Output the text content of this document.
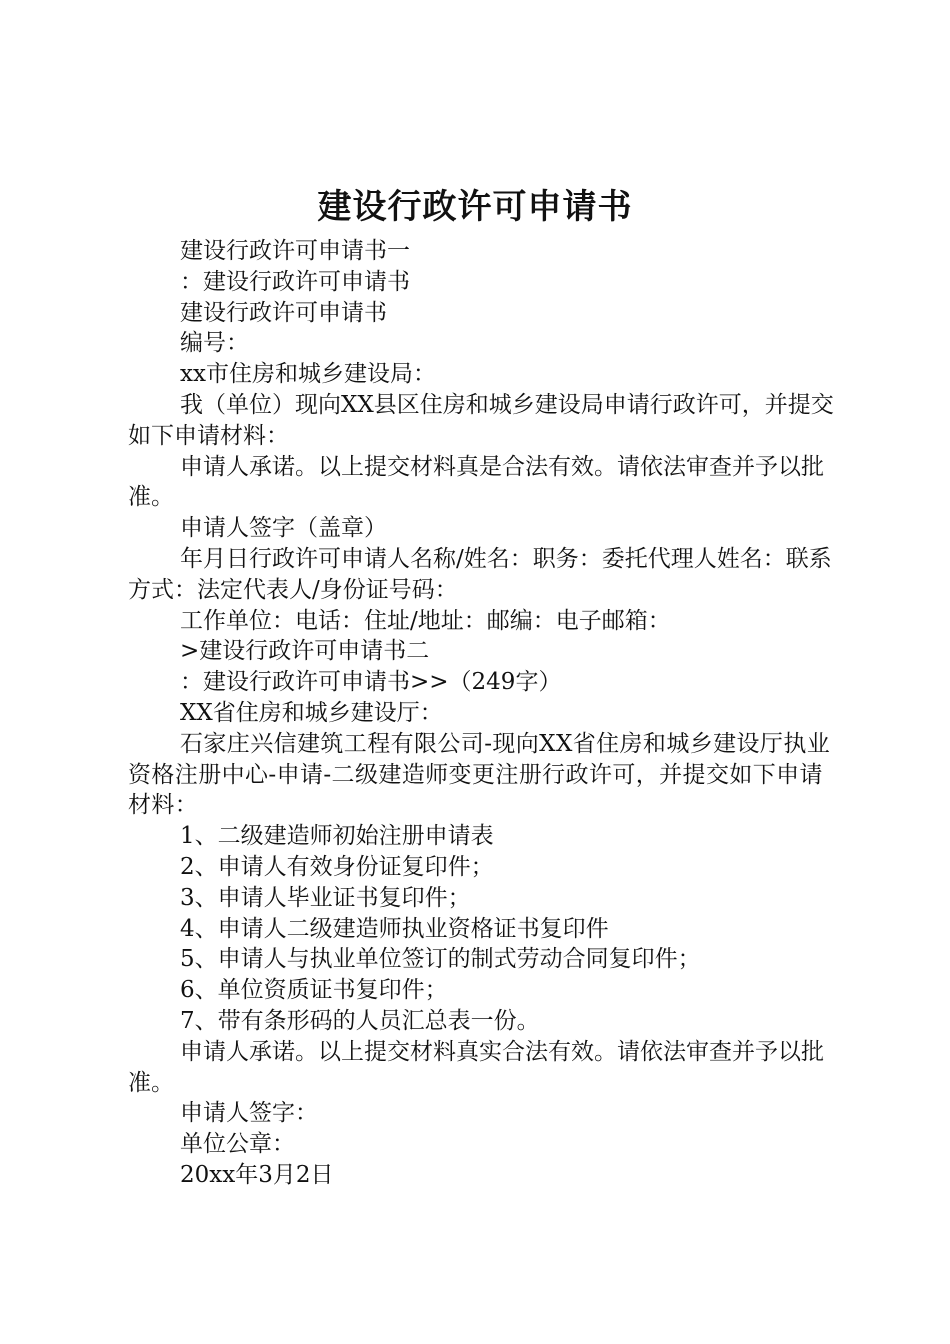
建设行政许可申请书

建设行政许可申请书一

：建设行政许可申请书

建设行政许可申请书

编号：

xx市住房和城乡建设局：

我（单位）现向XX县区住房和城乡建设局申请行政许可，并提交如下申请材料：

申请人承诺。以上提交材料真是合法有效。请依法审查并予以批准。

申请人签字（盖章）

年月日行政许可申请人名称/姓名：职务：委托代理人姓名：联系方式：法定代表人/身份证号码：

工作单位：电话：住址/地址：邮编：电子邮箱：

>建设行政许可申请书二

：建设行政许可申请书>>（249字）

XX省住房和城乡建设厅：

石家庄兴信建筑工程有限公司-现向XX省住房和城乡建设厅执业资格注册中心-申请-二级建造师变更注册行政许可，并提交如下申请材料：

1、二级建造师初始注册申请表

2、申请人有效身份证复印件；

3、申请人毕业证书复印件；

4、申请人二级建造师执业资格证书复印件

5、申请人与执业单位签订的制式劳动合同复印件；

6、单位资质证书复印件；

7、带有条形码的人员汇总表一份。

申请人承诺。以上提交材料真实合法有效。请依法审查并予以批准。

申请人签字：

单位公章：

20xx年3月2日
